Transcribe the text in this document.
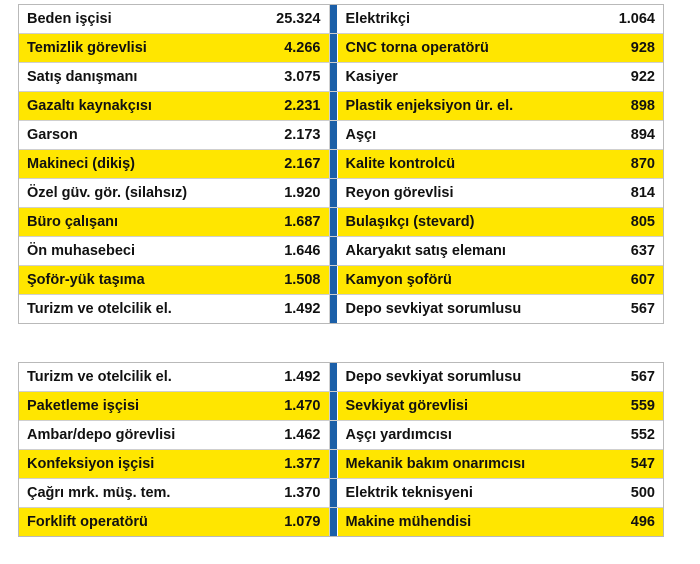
Beden işçisi	25.324		Elektrikçi	1.064
Temizlik görevlisi	4.266		CNC torna operatörü	928
Satış danışmanı	3.075		Kasiyer	922
Gazaltı kaynakçısı	2.231		Plastik enjeksiyon ür. el.	898
Garson	2.173		Aşçı	894
Makineci (dikiş)	2.167		Kalite kontrolcü	870
Özel güv. gör. (silahsız)	1.920		Reyon görevlisi	814
Büro çalışanı	1.687		Bulaşıkçı (stevard)	805
Ön muhasebeci	1.646		Akaryakıt satış elemanı	637
Şoför-yük taşıma	1.508		Kamyon şoförü	607
Turizm ve otelcilik el.	1.492		Depo sevkiyat sorumlusu	567
Turizm ve otelcilik el.	1.492		Depo sevkiyat sorumlusu	567
Paketleme işçisi	1.470		Sevkiyat görevlisi	559
Ambar/depo görevlisi	1.462		Aşçı yardımcısı	552
Konfeksiyon işçisi	1.377		Mekanik bakım onarımcısı	547
Çağrı mrk. müş. tem.	1.370		Elektrik teknisyeni	500
Forklift operatörü	1.079		Makine mühendisi	496
